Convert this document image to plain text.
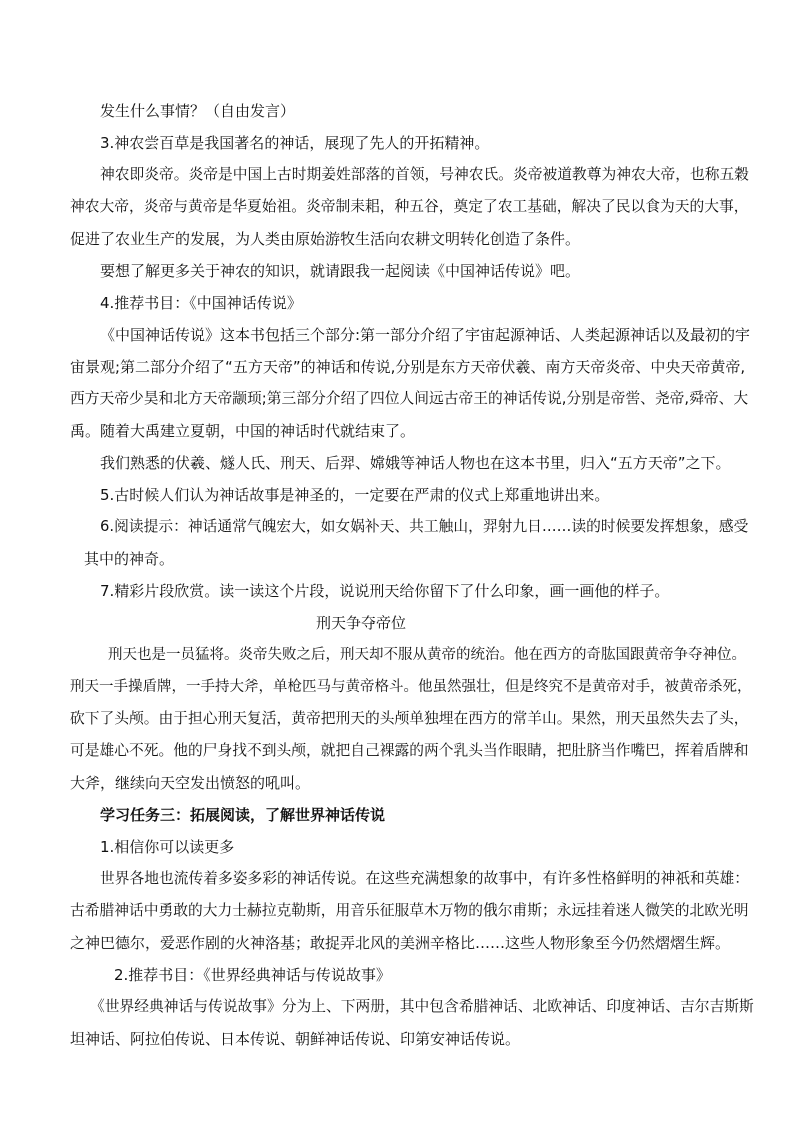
发生什么事情？（自由发言）

3.神农尝百草是我国著名的神话，展现了先人的开拓精神。

神农即炎帝。炎帝是中国上古时期姜姓部落的首领，号神农氏。炎帝被道教尊为神农大帝，也称五穀

神农大帝，炎帝与黄帝是华夏始祖。炎帝制耒耜，种五谷，奠定了农工基础，解决了民以食为天的大事，

促进了农业生产的发展，为人类由原始游牧生活向农耕文明转化创造了条件。

要想了解更多关于神农的知识，就请跟我一起阅读《中国神话传说》吧。

4.推荐书目：《中国神话传说》

《中国神话传说》这本书包括三个部分:第一部分介绍了宇宙起源神话、人类起源神话以及最初的宇

宙景观;第二部分介绍了“五方天帝”的神话和传说,分别是东方天帝伏羲、南方天帝炎帝、中央天帝黄帝,

西方天帝少昊和北方天帝颛顼;第三部分介绍了四位人间远古帝王的神话传说,分别是帝喾、尧帝,舜帝、大

禹。随着大禹建立夏朝，中国的神话时代就结束了。

我们熟悉的伏羲、燧人氏、刑天、后羿、嫦娥等神话人物也在这本书里，归入“五方天帝”之下。

5.古时候人们认为神话故事是神圣的，一定要在严肃的仪式上郑重地讲出来。

6.阅读提示：神话通常气魄宏大，如女娲补天、共工触山，羿射九日……读的时候要发挥想象，感受

其中的神奇。

7.精彩片段欣赏。读一读这个片段，说说刑天给你留下了什么印象，画一画他的样子。

刑天争夺帝位

刑天也是一员猛将。炎帝失败之后，刑天却不服从黄帝的统治。他在西方的奇肱国跟黄帝争夺神位。

刑天一手操盾牌，一手持大斧，单枪匹马与黄帝格斗。他虽然强壮，但是终究不是黄帝对手，被黄帝杀死，

砍下了头颅。由于担心刑天复活，黄帝把刑天的头颅单独埋在西方的常羊山。果然，刑天虽然失去了头，

可是雄心不死。他的尸身找不到头颅，就把自己裸露的两个乳头当作眼睛，把肚脐当作嘴巴，挥着盾牌和

大斧，继续向天空发出愤怒的吼叫。

学习任务三：拓展阅读，了解世界神话传说

1.相信你可以读更多

世界各地也流传着多姿多彩的神话传说。在这些充满想象的故事中，有许多性格鲜明的神祇和英雄：

古希腊神话中勇敢的大力士赫拉克勒斯，用音乐征服草木万物的俄尔甫斯；永远挂着迷人微笑的北欧光明

之神巴德尔，爱恶作剧的火神洛基；敢捉弄北风的美洲辛格比……这些人物形象至今仍然熠熠生辉。

2.推荐书目：《世界经典神话与传说故事》

《世界经典神话与传说故事》分为上、下两册，其中包含希腊神话、北欧神话、印度神话、吉尔吉斯斯

坦神话、阿拉伯传说、日本传说、朝鲜神话传说、印第安神话传说。
